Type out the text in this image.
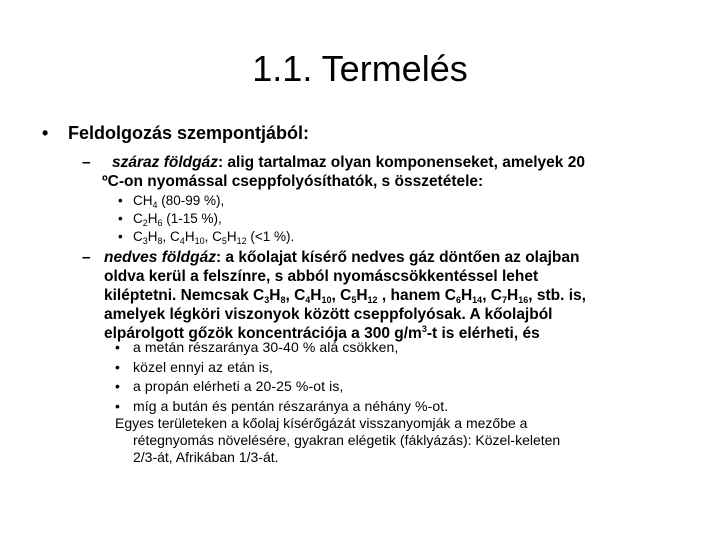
1.1. Termelés
• Feldolgozás szempontjából:
–	száraz földgáz: alig tartalmaz olyan komponenseket, amelyek 20
ºC-on nyomással cseppfolyósíthatók, s összetétele:
• $CH_4$ (80-99 %),
• $C_2H_6$ (1-15 %),
• $C_3H_8$, $C_4H_{10}$, $C_5H_{12}$ (<1 %).
– nedves földgáz: a kőolajat kísérő nedves gáz döntően az olajban
oldva kerül a felszínre, s abból nyomáscsökkentéssel lehet
kiléptetni. Nemcsak $C_3H_8$, $C_4H_{10}$, $C_5H_{12}$ , hanem $C_6H_{14}$, $C_7H_{16}$, stb. is,
amelyek légköri viszonyok között cseppfolyósak. A kőolajból
elpárolgott gőzök koncentrációja a 300 $g/m^3-t$ is elérheti, és
• a metán részaránya 30-40 % alá csökken,
• közel ennyi az etán is,
• a propán elérheti a 20-25 %-ot is,
• míg a bután és pentán részaránya a néhány %-ot.
Egyes területeken a kőolaj kísérőgázát visszanyomják a mezőbe a
rétegnyomás növelésére, gyakran elégetik (fáklyázás): Közel-keleten
2/3-át, Afrikában 1/3-át.
